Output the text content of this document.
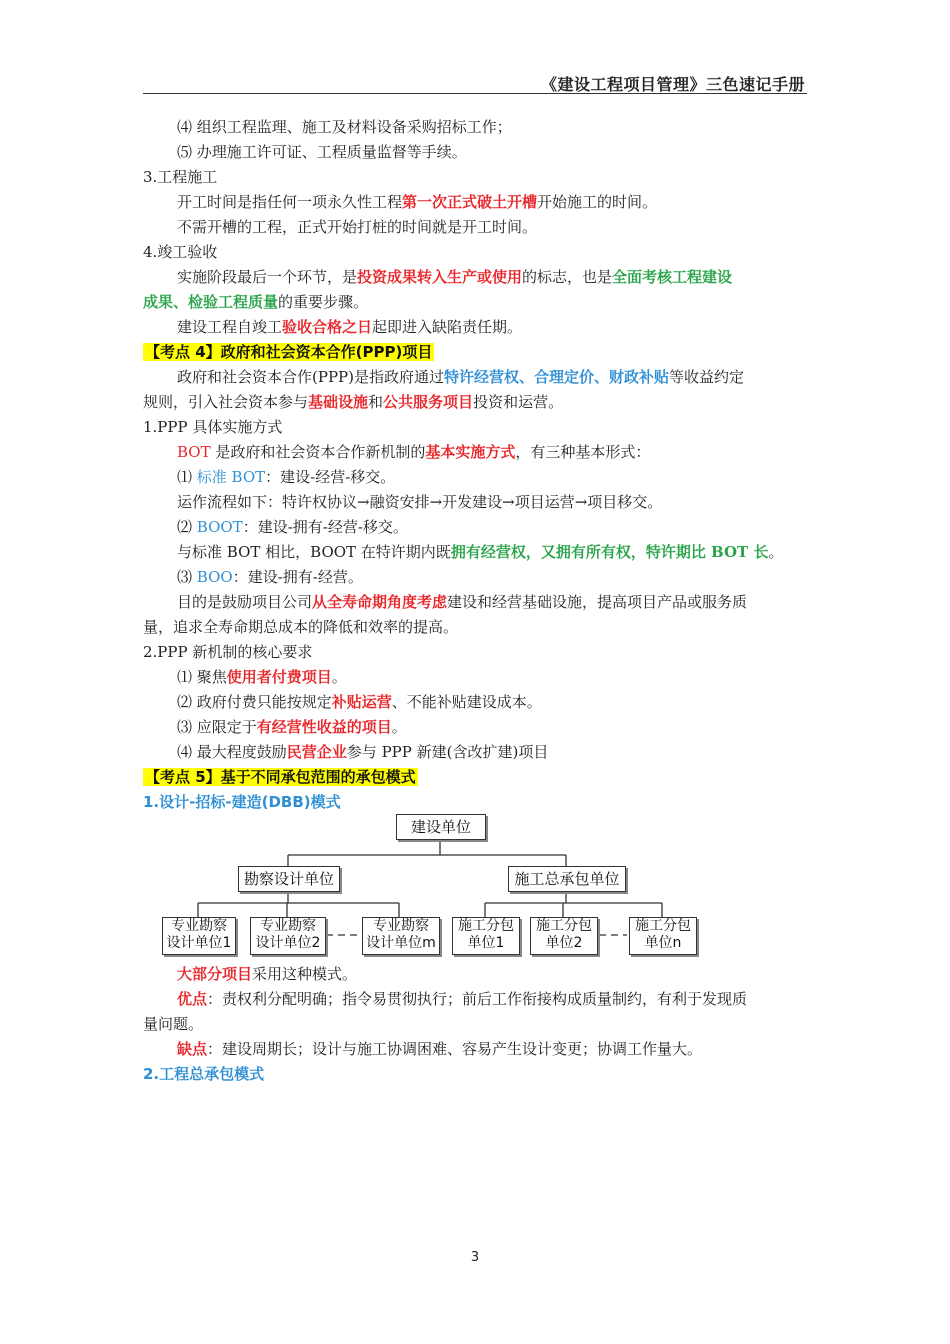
《建设工程项目管理》三色速记手册
⑷ 组织工程监理、施工及材料设备采购招标工作；
⑸ 办理施工许可证、工程质量监督等手续。
3.工程施工
开工时间是指任何一项永久性工程第一次正式破土开槽开始施工的时间。
不需开槽的工程，正式开始打桩的时间就是开工时间。
4.竣工验收
实施阶段最后一个环节，是投资成果转入生产或使用的标志，也是全面考核工程建设
成果、检验工程质量的重要步骤。
建设工程自竣工验收合格之日起即进入缺陷责任期。
【考点 4】政府和社会资本合作(PPP)项目
政府和社会资本合作(PPP)是指政府通过特许经营权、合理定价、财政补贴等收益约定
规则，引入社会资本参与基础设施和公共服务项目投资和运营。
1.PPP 具体实施方式
BOT 是政府和社会资本合作新机制的基本实施方式，有三种基本形式：
⑴ 标准 BOT：建设-经营-移交。
运作流程如下：特许权协议→融资安排→开发建设→项目运营→项目移交。
⑵ BOOT：建设-拥有-经营-移交。
与标准 BOT 相比，BOOT 在特许期内既拥有经营权，又拥有所有权，特许期比 BOT 长。
⑶ BOO：建设-拥有-经营。
目的是鼓励项目公司从全寿命期角度考虑建设和经营基础设施，提高项目产品或服务质
量，追求全寿命期总成本的降低和效率的提高。
2.PPP 新机制的核心要求
⑴ 聚焦使用者付费项目。
⑵ 政府付费只能按规定补贴运营、不能补贴建设成本。
⑶ 应限定于有经营性收益的项目。
⑷ 最大程度鼓励民营企业参与 PPP 新建(含改扩建)项目
【考点 5】基于不同承包范围的承包模式
1.设计-招标-建造(DBB)模式
建设单位
勘察设计单位	施工总承包单位
专业勘察
设计单位1
专业勘察
设计单位2
专业勘察
设计单位m
施工分包
单位1
施工分包
单位2
施工分包
单位n
大部分项目采用这种模式。
优点：责权利分配明确；指令易贯彻执行；前后工作衔接构成质量制约，有利于发现质
量问题。
缺点：建设周期长；设计与施工协调困难、容易产生设计变更；协调工作量大。
2.工程总承包模式
3
